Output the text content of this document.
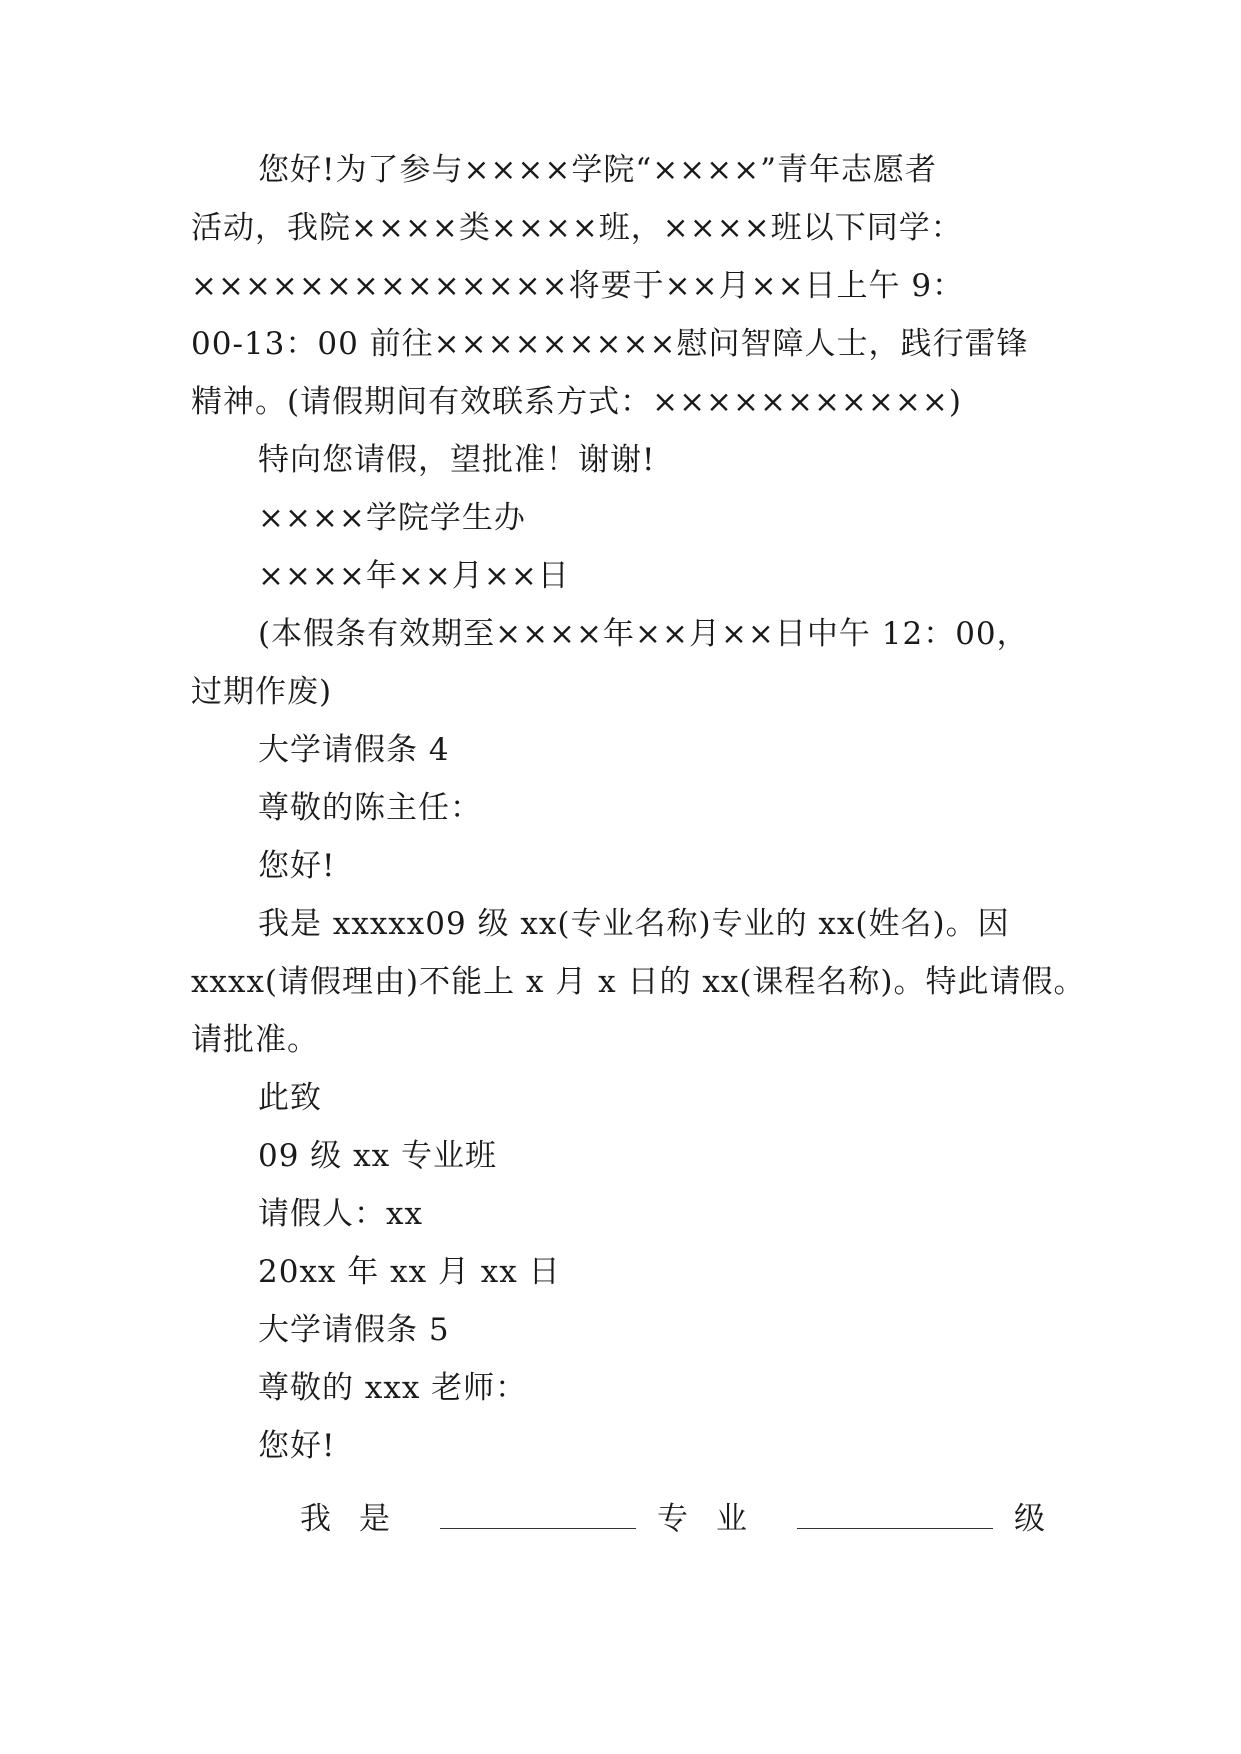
您好!为了参与××××学院“××××”青年志愿者
活动，我院××××类××××班，××××班以下同学：
××××××××××××××将要于××月××日上午 9：
00-13：00 前往×××××××××慰问智障人士，践行雷锋
精神。(请假期间有效联系方式：×××××××××××)
特向您请假，望批准！谢谢!
××××学院学生办
××××年××月××日
(本假条有效期至××××年××月××日中午 12：00，
过期作废)
大学请假条 4
尊敬的陈主任：
您好!
我是 xxxxx09 级 xx(专业名称)专业的 xx(姓名)。因
xxxx(请假理由)不能上 x 月 x 日的 xx(课程名称)。特此请假。
请批准。
此致
09 级 xx 专业班
请假人：xx
20xx 年 xx 月 xx 日
大学请假条 5
尊敬的 xxx 老师：
您好!
我是	专业	级
